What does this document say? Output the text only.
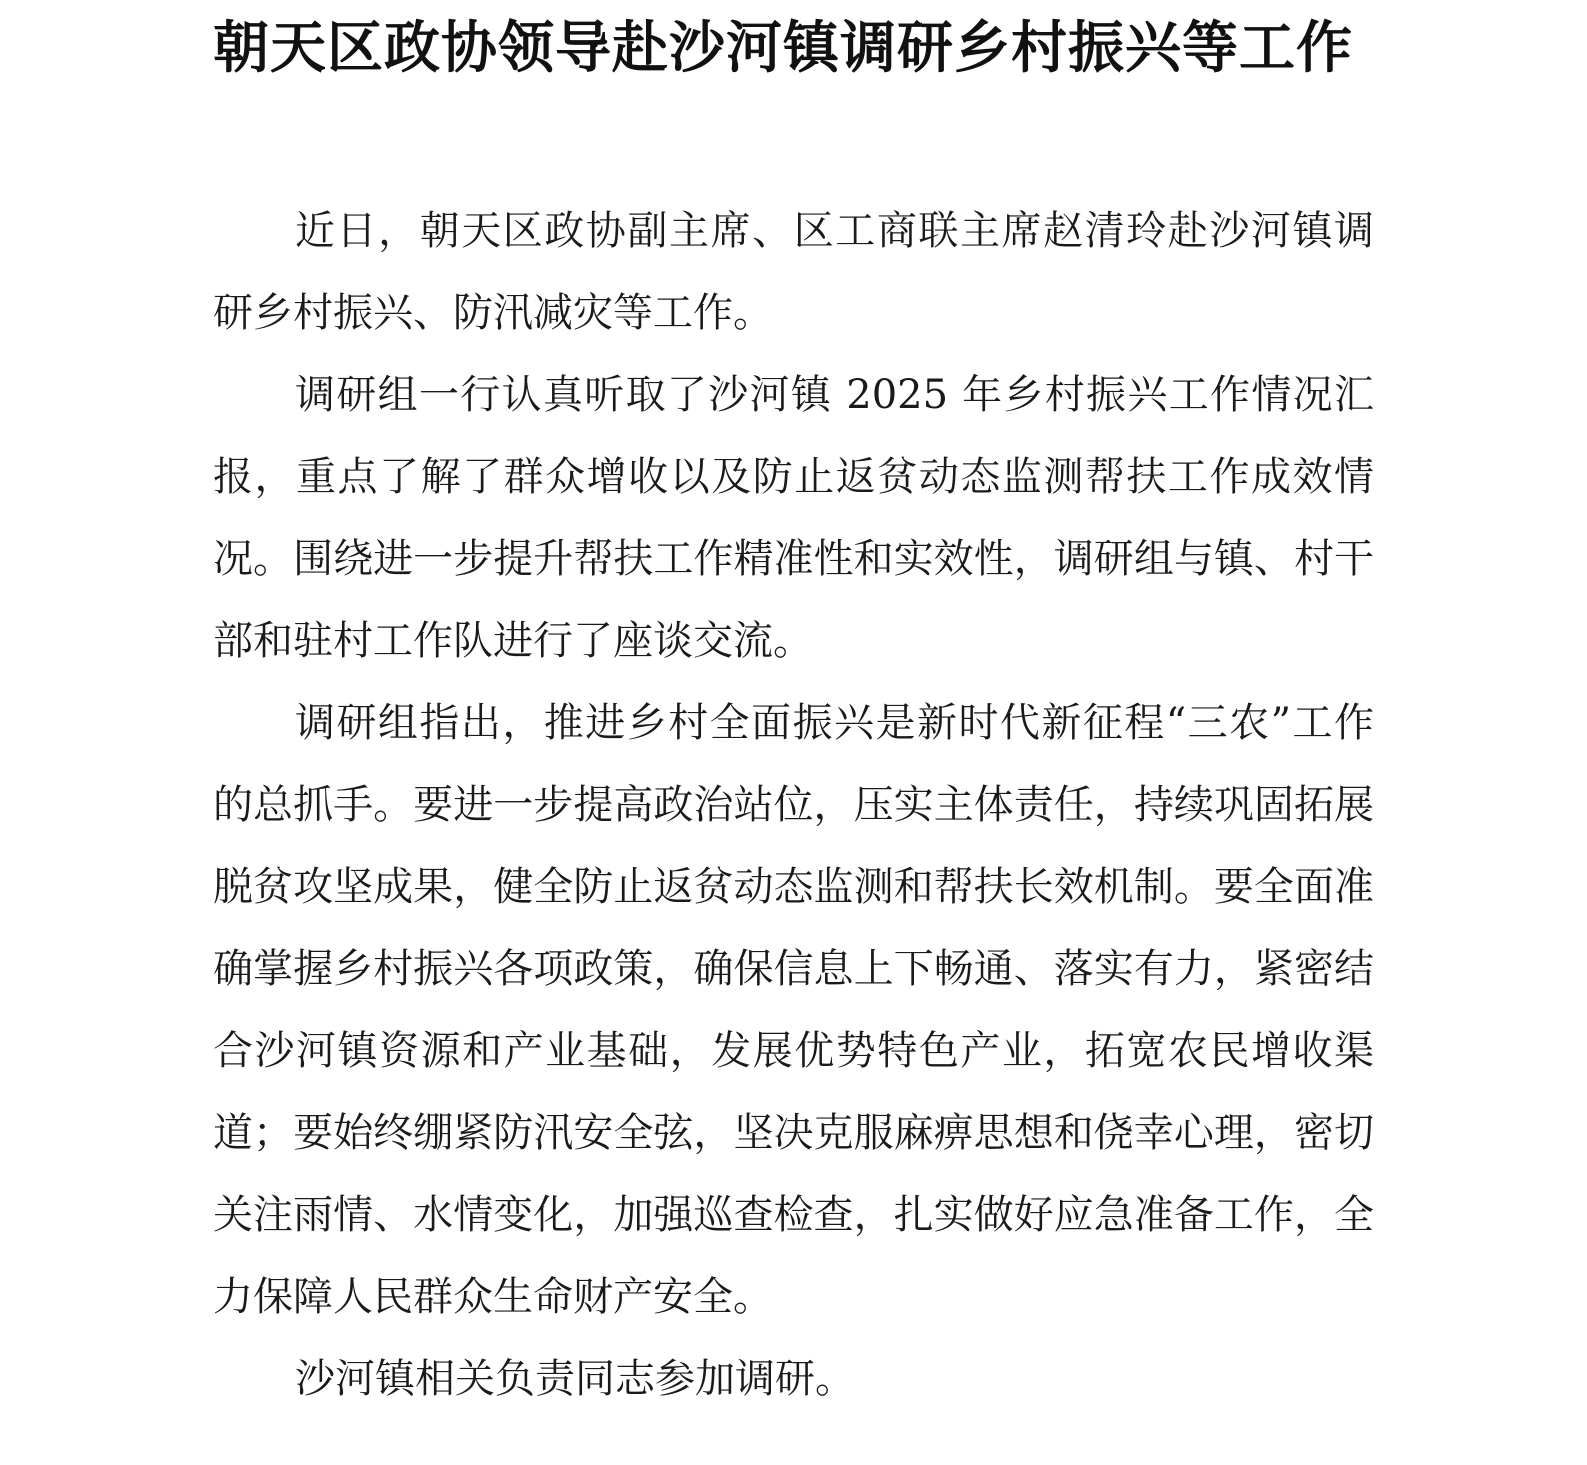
朝天区政协领导赴沙河镇调研乡村振兴等工作

近日，朝天区政协副主席、区工商联主席赵清玲赴沙河镇调研乡村振兴、防汛减灾等工作。

调研组一行认真听取了沙河镇 2025 年乡村振兴工作情况汇报，重点了解了群众增收以及防止返贫动态监测帮扶工作成效情况。围绕进一步提升帮扶工作精准性和实效性，调研组与镇、村干部和驻村工作队进行了座谈交流。

调研组指出，推进乡村全面振兴是新时代新征程“三农”工作的总抓手。要进一步提高政治站位，压实主体责任，持续巩固拓展脱贫攻坚成果，健全防止返贫动态监测和帮扶长效机制。要全面准确掌握乡村振兴各项政策，确保信息上下畅通、落实有力，紧密结合沙河镇资源和产业基础，发展优势特色产业，拓宽农民增收渠道；要始终绷紧防汛安全弦，坚决克服麻痹思想和侥幸心理，密切关注雨情、水情变化，加强巡查检查，扎实做好应急准备工作，全力保障人民群众生命财产安全。

沙河镇相关负责同志参加调研。
